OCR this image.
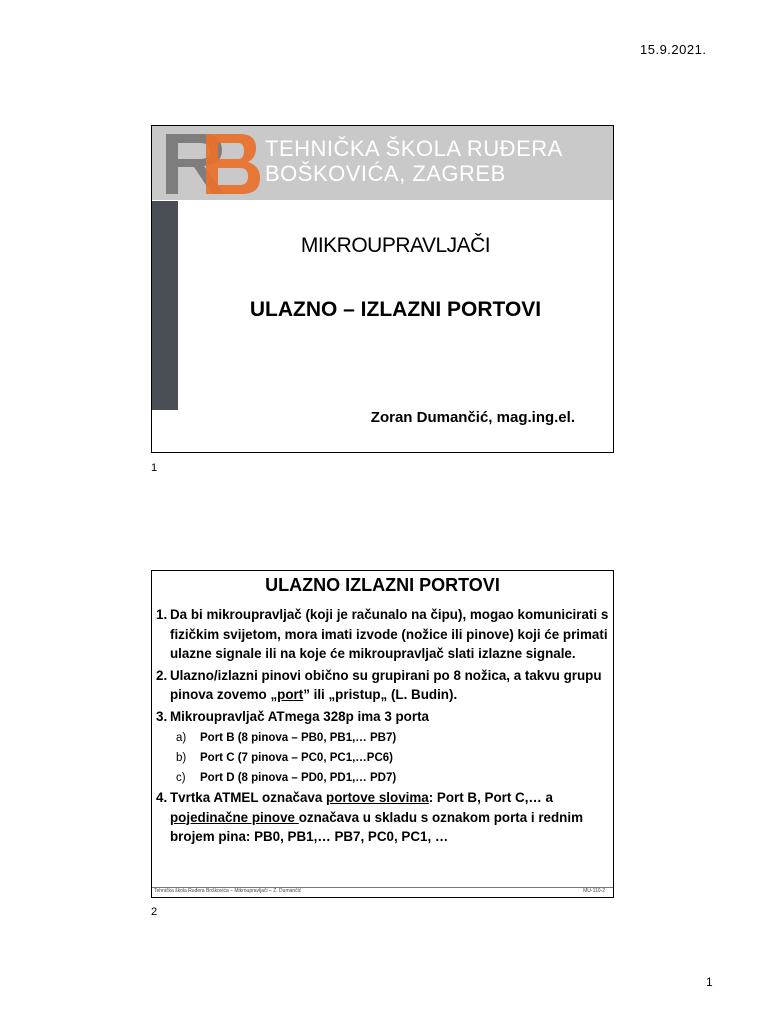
15.9.2021.
TEHNIČKA ŠKOLA RUĐERA
BOŠKOVIĆA, ZAGREB
MIKROUPRAVLJAČI
ULAZNO – IZLAZNI PORTOVI
Zoran Dumančić, mag.ing.el.
1
ULAZNO IZLAZNI PORTOVI
1. Da bi mikroupravljač (koji je računalo na čipu), mogao komunicirati s fizičkim svijetom, mora imati izvode (nožice ili pinove) koji će primati ulazne signale ili na koje će mikroupravljač slati izlazne signale.
2. Ulazno/izlazni pinovi obično su grupirani po 8 nožica, a takvu grupu pinova zovemo „port” ili „pristup„ (L. Budin).
3. Mikroupravljač ATmega 328p ima 3 porta
a) Port B (8 pinova – PB0, PB1,… PB7)
b) Port C (7 pinova – PC0, PC1,…PC6)
c) Port D (8 pinova – PD0, PD1,… PD7)
4. Tvrtka ATMEL označava portove slovima: Port B, Port C,… a pojedinačne pinove označava u skladu s oznakom porta i rednim brojem pina: PB0, PB1,… PB7, PC0, PC1, …
Tehnička škola Ruđera Boškovića – Mikroupravljači – Z. Dumančić	MU-110-2
2
1
